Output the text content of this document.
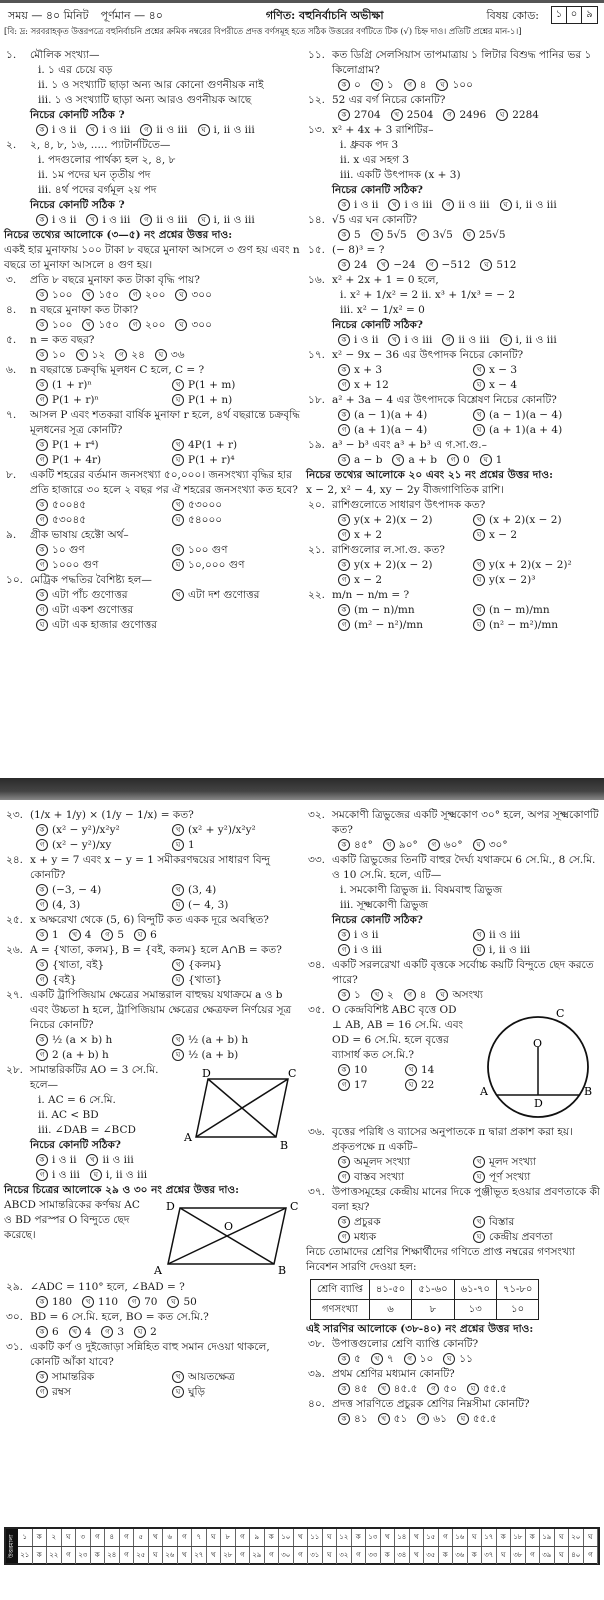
সময় — ৪০ মিনিট পূর্ণমান — ৪০	গণিত: বহুনির্বাচনি অভীক্ষা	বিষয় কোড:	১ ০ ৯
[বি: দ্র: সরবরাহকৃত উত্তরপত্রে বহুনির্বাচনি প্রশ্নের ক্রমিক নম্বরের বিপরীতে প্রদত্ত বর্ণসমূহ হতে সঠিক উত্তরের বর্ণটিতে টিক (√) চিহ্ন দাও। প্রতিটি প্রশ্নের মান-১।]
১. মৌলিক সংখ্যা—
i. ১ এর চেয়ে বড়
ii. ১ ও সংখ্যাটি ছাড়া অন্য আর কোনো গুণনীয়ক নাই
iii. ১ ও সংখ্যাটি ছাড়া অন্য আরও গুণনীয়ক আছে
নিচের কোনটি সঠিক ?
ক i ও ii	খ i ও iii	গ ii ও iii	ঘ i, ii ও iii
২. ২, ৪, ৮, ১৬, ..... প্যাটার্নটিতে—
i. পদগুলোর পার্থক্য হল ২, ৪, ৮
ii. ১ম পদের ঘন তৃতীয় পদ
iii. ৪র্থ পদের বর্গমূল ২য় পদ
নিচের কোনটি সঠিক ?
ক i ও ii	খ i ও iii	গ ii ও iii	ঘ i, ii ও iii
নিচের তথ্যের আলোকে (৩—৫) নং প্রশ্নের উত্তর দাও:
একই হার মুনাফায় ১০০ টাকা ৮ বছরে মুনাফা আসলে ৩ গুণ হয় এবং n বছরে তা মুনাফা আসলে ৪ গুণ হয়।
৩. প্রতি ৮ বছরে মুনাফা কত টাকা বৃদ্ধি পায়?
ক ১০০	খ ১৫০	গ ২০০	ঘ ৩০০
৪. n বছরে মুনাফা কত টাকা?
ক ১০০	খ ১৫০	গ ২০০	ঘ ৩০০
৫. n = কত বছর?
ক ১০	খ ১২	গ ২৪	ঘ ৩৬
৬. n বছরান্তে চক্রবৃদ্ধি মূলধন C হলে, C = ?
ক (1 + r)ⁿ	খ P(1 + m)
গ P(1 + r)ⁿ	ঘ P(1 + n)
৭. আসল P এবং শতকরা বার্ষিক মুনাফা r হলে, ৪র্থ বছরান্তে চক্রবৃদ্ধি মূলধনের সূত্র কোনটি?
ক P(1 + r⁴)	খ 4P(1 + r)
গ P(1 + 4r)	ঘ P(1 + r)⁴
৮. একটি শহরের বর্তমান জনসংখ্যা ৫০,০০০। জনসংখ্যা বৃদ্ধির হার প্রতি হাজারে ৩০ হলে ২ বছর পর ঐ শহরের জনসংখ্যা কত হবে?
ক ৫০০৪৫	খ ৫৩০০০
গ ৫৩০৪৫	ঘ ৫৪০০০
৯. গ্রীক ভাষায় হেক্টো অর্থ–
ক ১০ গুণ	খ ১০০ গুণ
গ ১০০০ গুণ	ঘ ১০,০০০ গুণ
১০. মেট্রিক পদ্ধতির বৈশিষ্ট্য হল—
ক এটা পাঁচ গুণোত্তর	খ এটা দশ গুণোত্তর
গ এটা একশ গুণোত্তর
ঘ এটা এক হাজার গুণোত্তর
১১. কত ডিগ্রি সেলসিয়াস তাপমাত্রায় ১ লিটার বিশুদ্ধ পানির ভর ১ কিলোগ্রাম?
ক ০	খ ১	গ ৪	ঘ ১০০
১২. 52 এর বর্গ নিচের কোনটি?
ক 2704	খ 2504	গ 2496	ঘ 2284
১৩. x² + 4x + 3 রাশিটির–
i. ধ্রুবক পদ 3
ii. x এর সহগ 3
iii. একটি উৎপাদক (x + 3)
নিচের কোনটি সঠিক?
ক i ও ii	খ i ও iii	গ ii ও iii	ঘ i, ii ও iii
১৪. √5 এর ঘন কোনটি?
ক 5	খ 5√5	গ 3√5	ঘ 25√5
১৫. (− 8)³ = ?
ক 24	খ −24	গ −512	ঘ 512
১৬. x² + 2x + 1 = 0 হলে,
i. x² + 1/x² = 2 ii. x³ + 1/x³ = − 2
iii. x² − 1/x² = 0
নিচের কোনটি সঠিক?
ক i ও ii	খ i ও iii	গ ii ও iii	ঘ i, ii ও iii
১৭. x² − 9x − 36 এর উৎপাদক নিচের কোনটি?
ক x + 3	খ x − 3
গ x + 12	ঘ x − 4
১৮. a² + 3a − 4 এর উৎপাদকে বিশ্লেষণ নিচের কোনটি?
ক (a − 1)(a + 4)	খ (a − 1)(a − 4)
গ (a + 1)(a − 4)	ঘ (a + 1)(a + 4)
১৯. a³ − b³ এবং a³ + b³ এ গ.সা.গু.–
ক a − b	খ a + b	গ 0	ঘ 1
নিচের তথ্যের আলোকে ২০ এবং ২১ নং প্রশ্নের উত্তর দাও:
x − 2, x² − 4, xy − 2y বীজগাণিতিক রাশি।
২০. রাশিগুলোতে সাধারণ উৎপাদক কত?
ক y(x + 2)(x − 2)	খ (x + 2)(x − 2)
গ x + 2	ঘ x − 2
২১. রাশিগুলোর ল.সা.গু. কত?
ক y(x + 2)(x − 2)	খ y(x + 2)(x − 2)²
গ x − 2	ঘ y(x − 2)³
২২. m/n − n/m = ?
ক (m − n)/mn	খ (n − m)/mn
গ (m² − n²)/mn	ঘ (n² − m²)/mn
২৩. (1/x + 1/y) × (1/y − 1/x) = কত?
ক (x² − y²)/x²y²	খ (x² + y²)/x²y²
গ (x² − y²)/xy	ঘ 1
২৪. x + y = 7 এবং x − y = 1 সমীকরণদ্বয়ের সাধারণ বিন্দু কোনটি?
ক (−3, − 4)	খ (3, 4)
গ (4, 3)	ঘ (− 4, 3)
২৫. x অক্ষরেখা থেকে (5, 6) বিন্দুটি কত একক দূরে অবস্থিত?
ক 1	খ 4	গ 5	ঘ 6
২৬. A = {খাতা, কলম}, B = {বই, কলম} হলে A∩B = কত?
ক {খাতা, বই}	খ {কলম}
গ {বই}	ঘ {খাতা}
২৭. একটি ট্রাপিজিয়াম ক্ষেত্রের সমান্তরাল বাহুদ্বয় যথাক্রমে a ও b এবং উচ্চতা h হলে, ট্রাপিজিয়াম ক্ষেত্রের ক্ষেত্রফল নির্ণয়ের সূত্র নিচের কোনটি?
ক ½ (a × b) h	খ ½ (a + b) h
গ 2 (a + b) h	ঘ ½ (a + b)
২৮. সামান্তরিকটির AO = 3 সে.মি. হলে—
i. AC = 6 সে.মি.
ii. AC < BD
iii. ∠DAB = ∠BCD
নিচের কোনটি সঠিক?
ক i ও ii	খ ii ও iii
গ i ও iii	ঘ i, ii ও iii
D	C
A
B
নিচের চিত্রের আলোকে ২৯ ও ৩০ নং প্রশ্নের উত্তর দাও:
ABCD সামান্তরিকের কর্ণদ্বয় AC ও BD পরস্পর O বিন্দুতে ছেদ করেছে।
D	C
A	B
O
২৯. ∠ADC = 110° হলে, ∠BAD = ?
ক 180	খ 110	গ 70	ঘ 50
৩০. BD = 6 সে.মি. হলে, BO = কত সে.মি.?
ক 6	খ 4	গ 3	ঘ 2
৩১. একটি কর্ণ ও দুইজোড়া সন্নিহিত বাহু সমান দেওয়া থাকলে, কোনটি আঁকা যাবে?
ক সামান্তরিক	খ আয়তক্ষেত্র
গ রম্বস	ঘ ঘুড়ি
৩২. সমকোণী ত্রিভুজের একটি সূক্ষ্মকোণ ৩০° হলে, অপর সূক্ষ্মকোণটি কত?
ক ৪৫°	খ ৯০°	গ ৬০°	ঘ ৩০°
৩৩. একটি ত্রিভুজের তিনটি বাহুর দৈর্ঘ্য যথাক্রমে 6 সে.মি., 8 সে.মি. ও 10 সে.মি. হলে, এটি—
i. সমকোণী ত্রিভুজ ii. বিষমবাহু ত্রিভুজ
iii. সূক্ষ্মকোণী ত্রিভুজ
নিচের কোনটি সঠিক?
ক i ও ii	খ ii ও iii
গ i ও iii	ঘ i, ii ও iii
৩৪. একটি সরলরেখা একটি বৃত্তকে সর্বোচ্চ কয়টি বিন্দুতে ছেদ করতে পারে?
ক ১	খ ২	গ ৪	ঘ অসংখ্য
৩৫. O কেন্দ্রবিশিষ্ট ABC বৃত্তে OD ⊥ AB, AB = 16 সে.মি. এবং OD = 6 সে.মি. হলে বৃত্তের ব্যাসার্ধ কত সে.মি.?
ক 10	খ 14
গ 17	ঘ 22
C
O
A
D
B
৩৬. বৃত্তের পরিধি ও ব্যাসের অনুপাতকে π দ্বারা প্রকাশ করা হয়। প্রকৃতপক্ষে π একটি–
ক অমূলদ সংখ্যা	খ মূলদ সংখ্যা
গ বাস্তব সংখ্যা	ঘ পূর্ণ সংখ্যা
৩৭. উপাত্তসমূহের কেন্দ্রীয় মানের দিকে পুঞ্জীভূত হওয়ার প্রবণতাকে কী বলা হয়?
ক প্রচুরক	খ বিস্তার
গ মধ্যক	ঘ কেন্দ্রীয় প্রবণতা
নিচে তোমাদের শ্রেণির শিক্ষার্থীদের গণিতে প্রাপ্ত নম্বরের গণসংখ্যা নিবেশন সারণি দেওয়া হল:
শ্রেণি ব্যাপ্তি	৪১-৫০	৫১-৬০	৬১-৭০	৭১-৮০
গণসংখ্যা	৬	৮	১৩	১০
এই সারণির আলোকে (৩৮-৪০) নং প্রশ্নের উত্তর দাও:
৩৮. উপাত্তগুলোর শ্রেণি ব্যাপ্তি কোনটি?
ক ৫	খ ৭	গ ১০	ঘ ১১
৩৯. প্রথম শ্রেণির মধ্যমান কোনটি?
ক ৪৫	খ ৪৫.৫	গ ৫০	ঘ ৫৫.৫
৪০. প্রদত্ত সারণিতে প্রচুরক শ্রেণির নিম্নসীমা কোনটি?
ক ৪১	খ ৫১	গ ৬১	ঘ ৫৫.৫
উত্তরমালা	১	ক	২	ঘ	৩	গ	৪	গ	৫	খ	৬	গ	৭	ঘ	৮	গ	৯	ক	১০	খ	১১	ঘ	১২	ক	১৩	খ	১৪	খ	১৫	গ	১৬	ঘ	১৭	ক	১৮	ক	১৯	ঘ	২০	ঘ
২১	ক	২২	গ	২৩	ক	২৪	গ	২৫	ঘ	২৬	খ	২৭	খ	২৮	গ	২৯	গ	৩০	গ	৩১	ঘ	৩২	গ	৩৩	ক	৩৪	খ	৩৫	ক	৩৬	ক	৩৭	ঘ	৩৮	গ	৩৯	ঘ	৪০	গ
